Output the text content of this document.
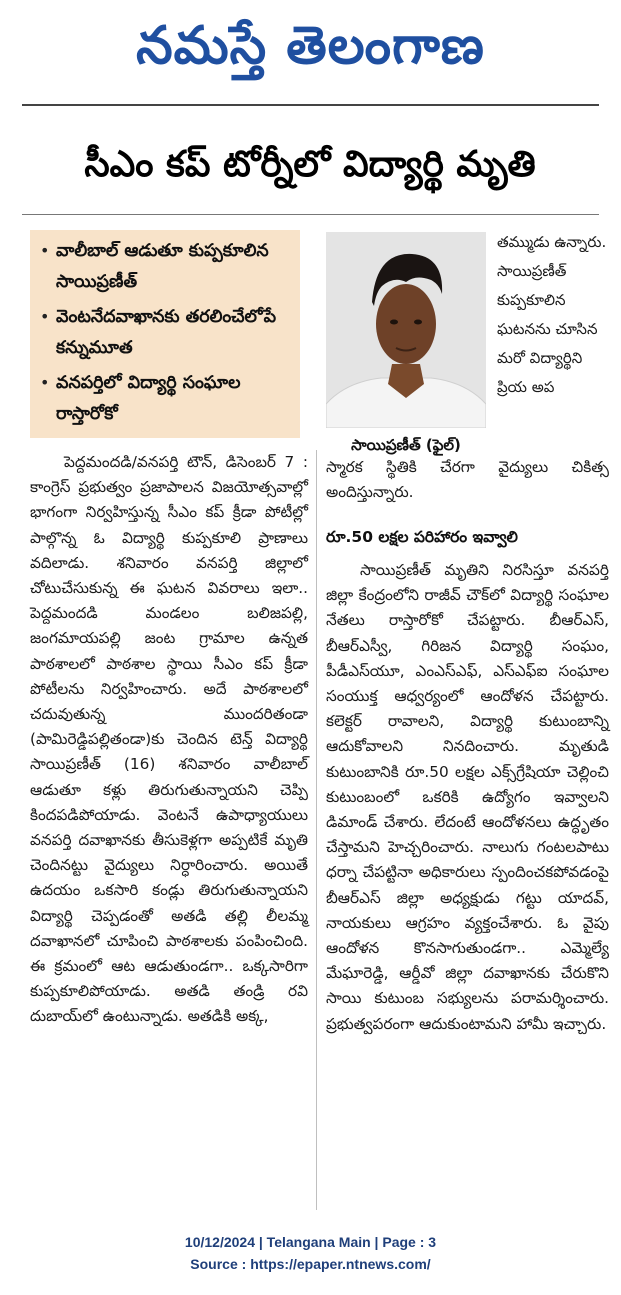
నమస్తే తెలంగాణ
సీఎం కప్ టోర్నీలో విద్యార్థి మృతి
• వాలీబాల్ ఆడుతూ కుప్పకూలిన సాయిప్రణీత్
• వెంటనేదవాఖానకు తరలించేలోపే కన్నుమూత
• వనపర్తిలో విద్యార్థి సంఘాల రాస్తారోకో
సాయిప్రణీత్ (ఫైల్)

తమ్ముడు ఉన్నారు. సాయిప్రణీత్ కుప్పకూలిన ఘటనను చూసిన మరో విద్యార్థిని ప్రియ అప

పెద్దమందడి/వనపర్తి టౌన్, డిసెంబర్ 7 : కాంగ్రెస్ ప్రభుత్వం ప్రజాపాలన విజయోత్సవాల్లో భాగంగా నిర్వహిస్తున్న సీఎం కప్ క్రీడా పోటీల్లో పాల్గొన్న ఓ విద్యార్థి కుప్పకూలి ప్రాణాలు వదిలాడు. శనివారం వనపర్తి జిల్లాలో చోటుచేసుకున్న ఈ ఘటన వివరాలు ఇలా.. పెద్దమందడి మండలం బలిజపల్లి, జంగమాయపల్లి జంట గ్రామాల ఉన్నత పాఠశాలలో పాఠశాల స్థాయి సీఎం కప్ క్రీడా పోటీలను నిర్వహించారు. అదే పాఠశాలలో చదువుతున్న ముందరితండా (పామిరెడ్డిపల్లితండా)కు చెందిన టెన్త్ విద్యార్థి సాయిప్రణీత్ (16) శనివారం వాలీబాల్ ఆడుతూ కళ్లు తిరుగుతున్నాయని చెప్పి కిందపడిపోయాడు. వెంటనే ఉపాధ్యాయులు వనపర్తి దవాఖానకు తీసుకెళ్లగా అప్పటికే మృతి చెందినట్టు వైద్యులు నిర్ధారించారు. అయితే ఉదయం ఒకసారి కండ్లు తిరుగుతున్నాయని విద్యార్థి చెప్పడంతో అతడి తల్లి లీలమ్మ దవాఖానలో చూపించి పాఠశాలకు పంపించింది. ఈ క్రమంలో ఆట ఆడుతుండగా.. ఒక్కసారిగా కుప్పకూలిపోయాడు. అతడి తండ్రి రవి దుబాయ్‌లో ఉంటున్నాడు. అతడికి అక్క,

స్మారక స్థితికి చేరగా వైద్యులు చికిత్స అందిస్తున్నారు.

రూ.50 లక్షల పరిహారం ఇవ్వాలి

సాయిప్రణీత్ మృతిని నిరసిస్తూ వనపర్తి జిల్లా కేంద్రంలోని రాజీవ్ చౌక్‌లో విద్యార్థి సంఘాల నేతలు రాస్తారోకో చేపట్టారు. బీఆర్‌ఎస్, బీఆర్‌ఎస్వీ, గిరిజన విద్యార్థి సంఘం, పీడీఎస్‌యూ, ఎంఎస్‌ఎఫ్, ఎస్‌ఎఫ్‌ఐ సంఘాల సంయుక్త ఆధ్వర్యంలో ఆందోళన చేపట్టారు. కలెక్టర్ రావాలని, విద్యార్థి కుటుంబాన్ని ఆదుకోవాలని నినదించారు. మృతుడి కుటుంబానికి రూ.50 లక్షల ఎక్స్‌గ్రేషియా చెల్లించి కుటుంబంలో ఒకరికి ఉద్యోగం ఇవ్వాలని డిమాండ్ చేశారు. లేదంటే ఆందోళనలు ఉద్ధృతం చేస్తామని హెచ్చరించారు. నాలుగు గంటలపాటు ధర్నా చేపట్టినా అధికారులు స్పందించకపోవడంపై బీఆర్‌ఎస్ జిల్లా అధ్యక్షుడు గట్టు యాదవ్, నాయకులు ఆగ్రహం వ్యక్తంచేశారు. ఓ వైపు ఆందోళన కొనసాగుతుండగా.. ఎమ్మెల్యే మేఘారెడ్డి, ఆర్డీవో జిల్లా దవాఖానకు చేరుకొని సాయి కుటుంబ సభ్యులను పరామర్శించారు. ప్రభుత్వపరంగా ఆదుకుంటామని హామీ ఇచ్చారు.

10/12/2024 | Telangana Main | Page : 3
Source : https://epaper.ntnews.com/
